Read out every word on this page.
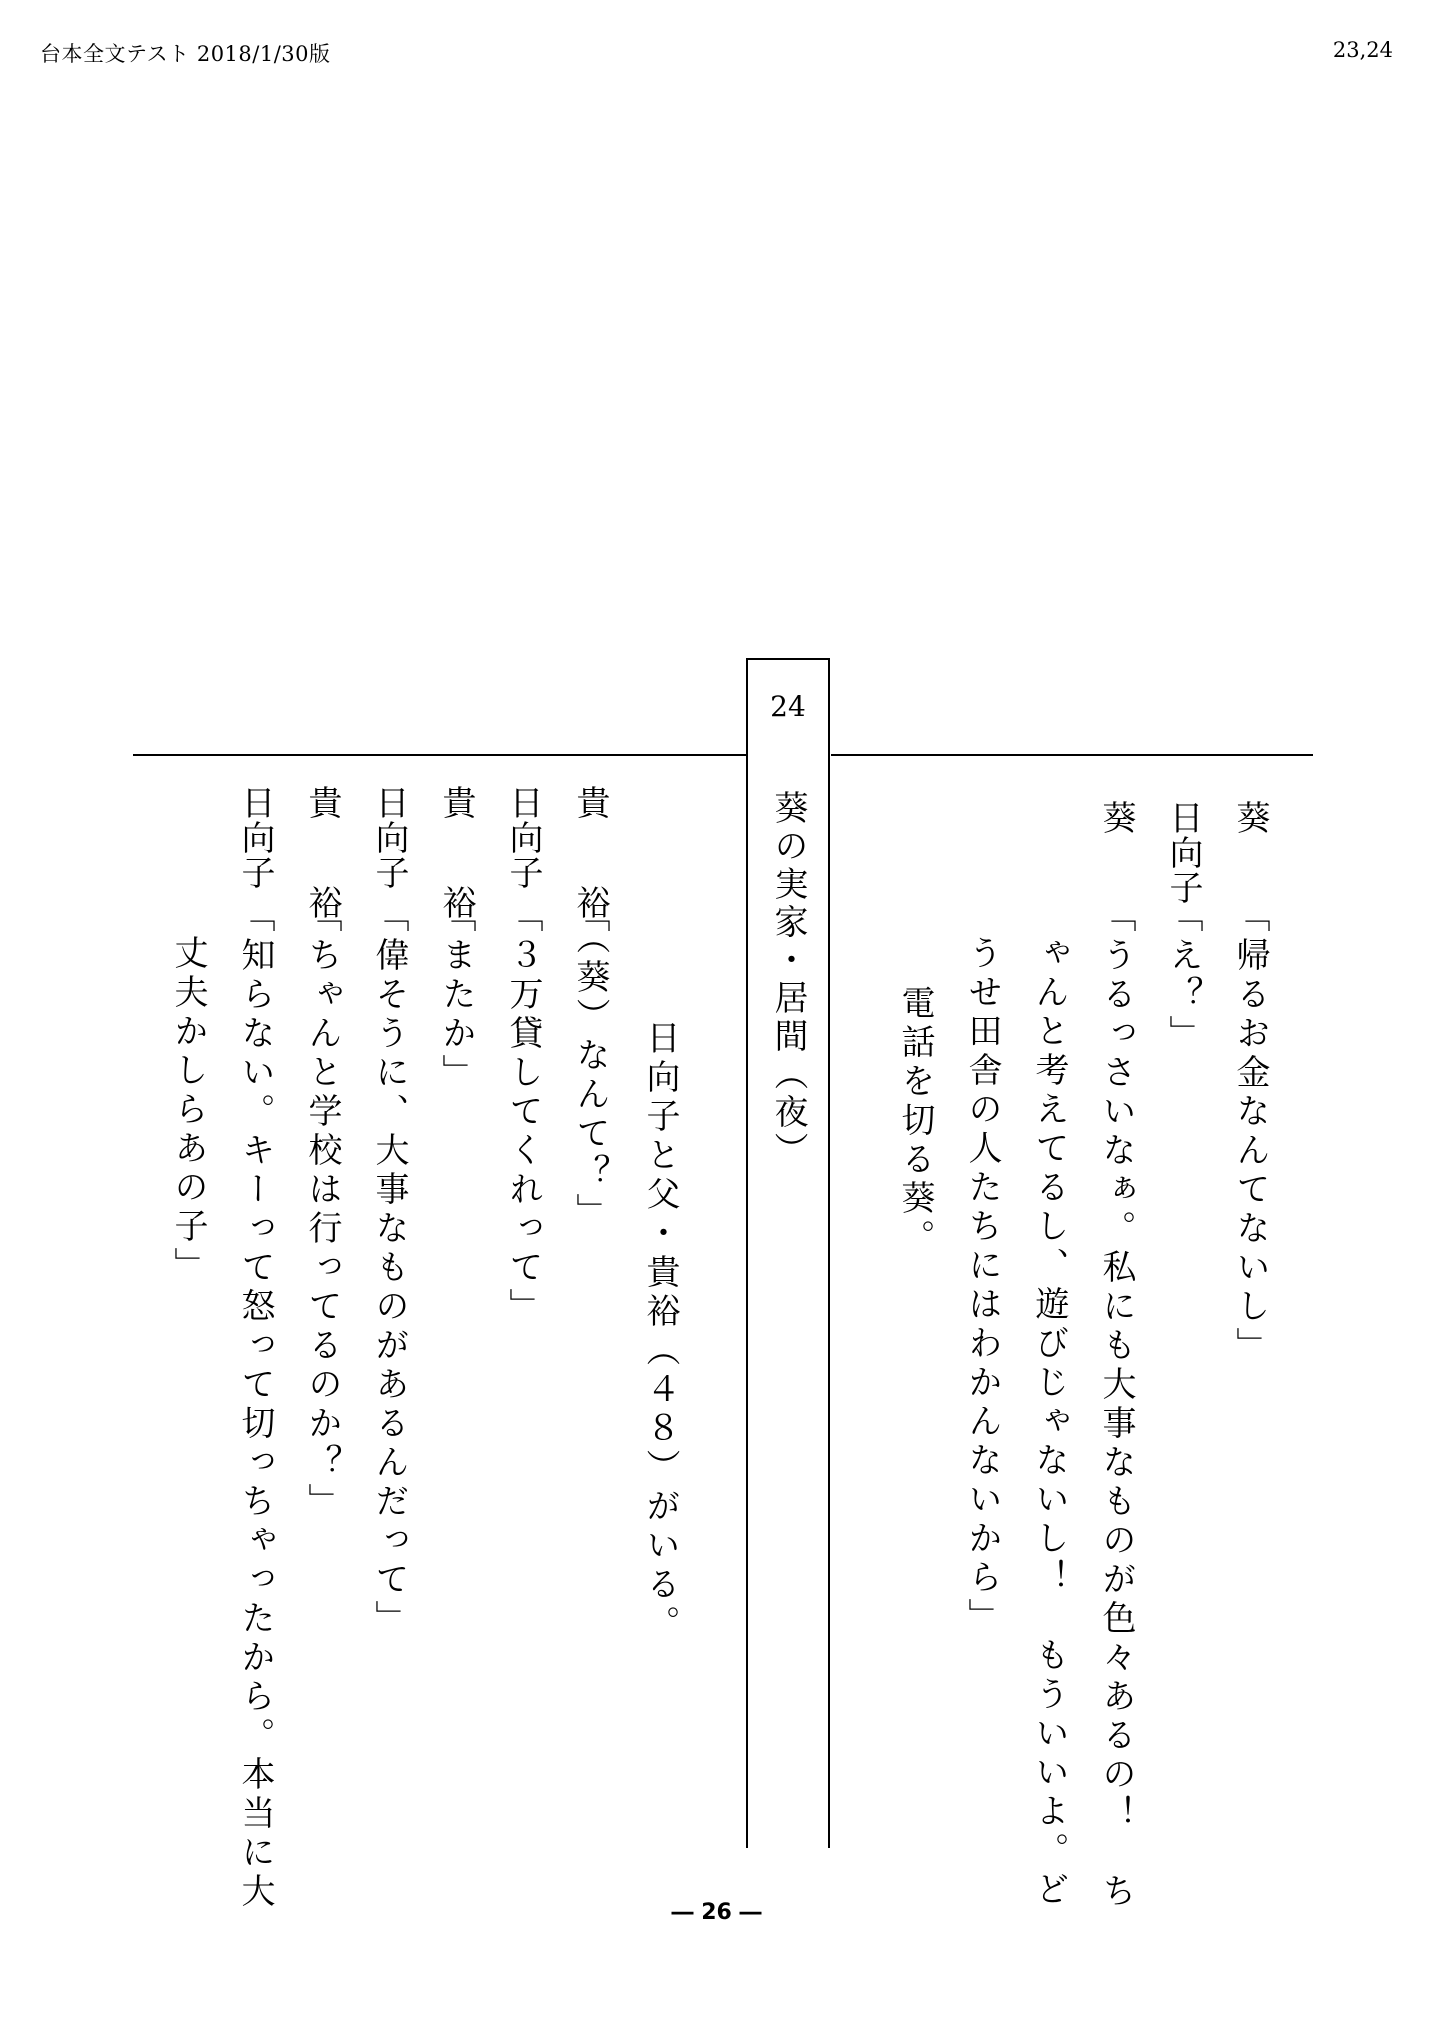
台本全文テスト 2018/1/30版	23,24
24
葵の実家・居間（夜）	葵
「帰るお金なんてないし」
日向子
「え？」
葵
「うるっさいなぁ。私にも大事なものが色々あるの！　ち
ゃんと考えてるし、遊びじゃないし！　もういいよ。ど
うせ田舎の人たちにはわかんないから」
電話を切る葵。
日向子と父・貴裕（４８）がいる。
貴　裕
「（葵）なんて？」
日向子
「３万貸してくれって」
貴　裕
「またか」
日向子
「偉そうに、大事なものがあるんだって」
貴　裕
「ちゃんと学校は行ってるのか？」
日向子
「知らない。キーって怒って切っちゃったから。本当に大
丈夫かしらあの子」
― 26 ―
